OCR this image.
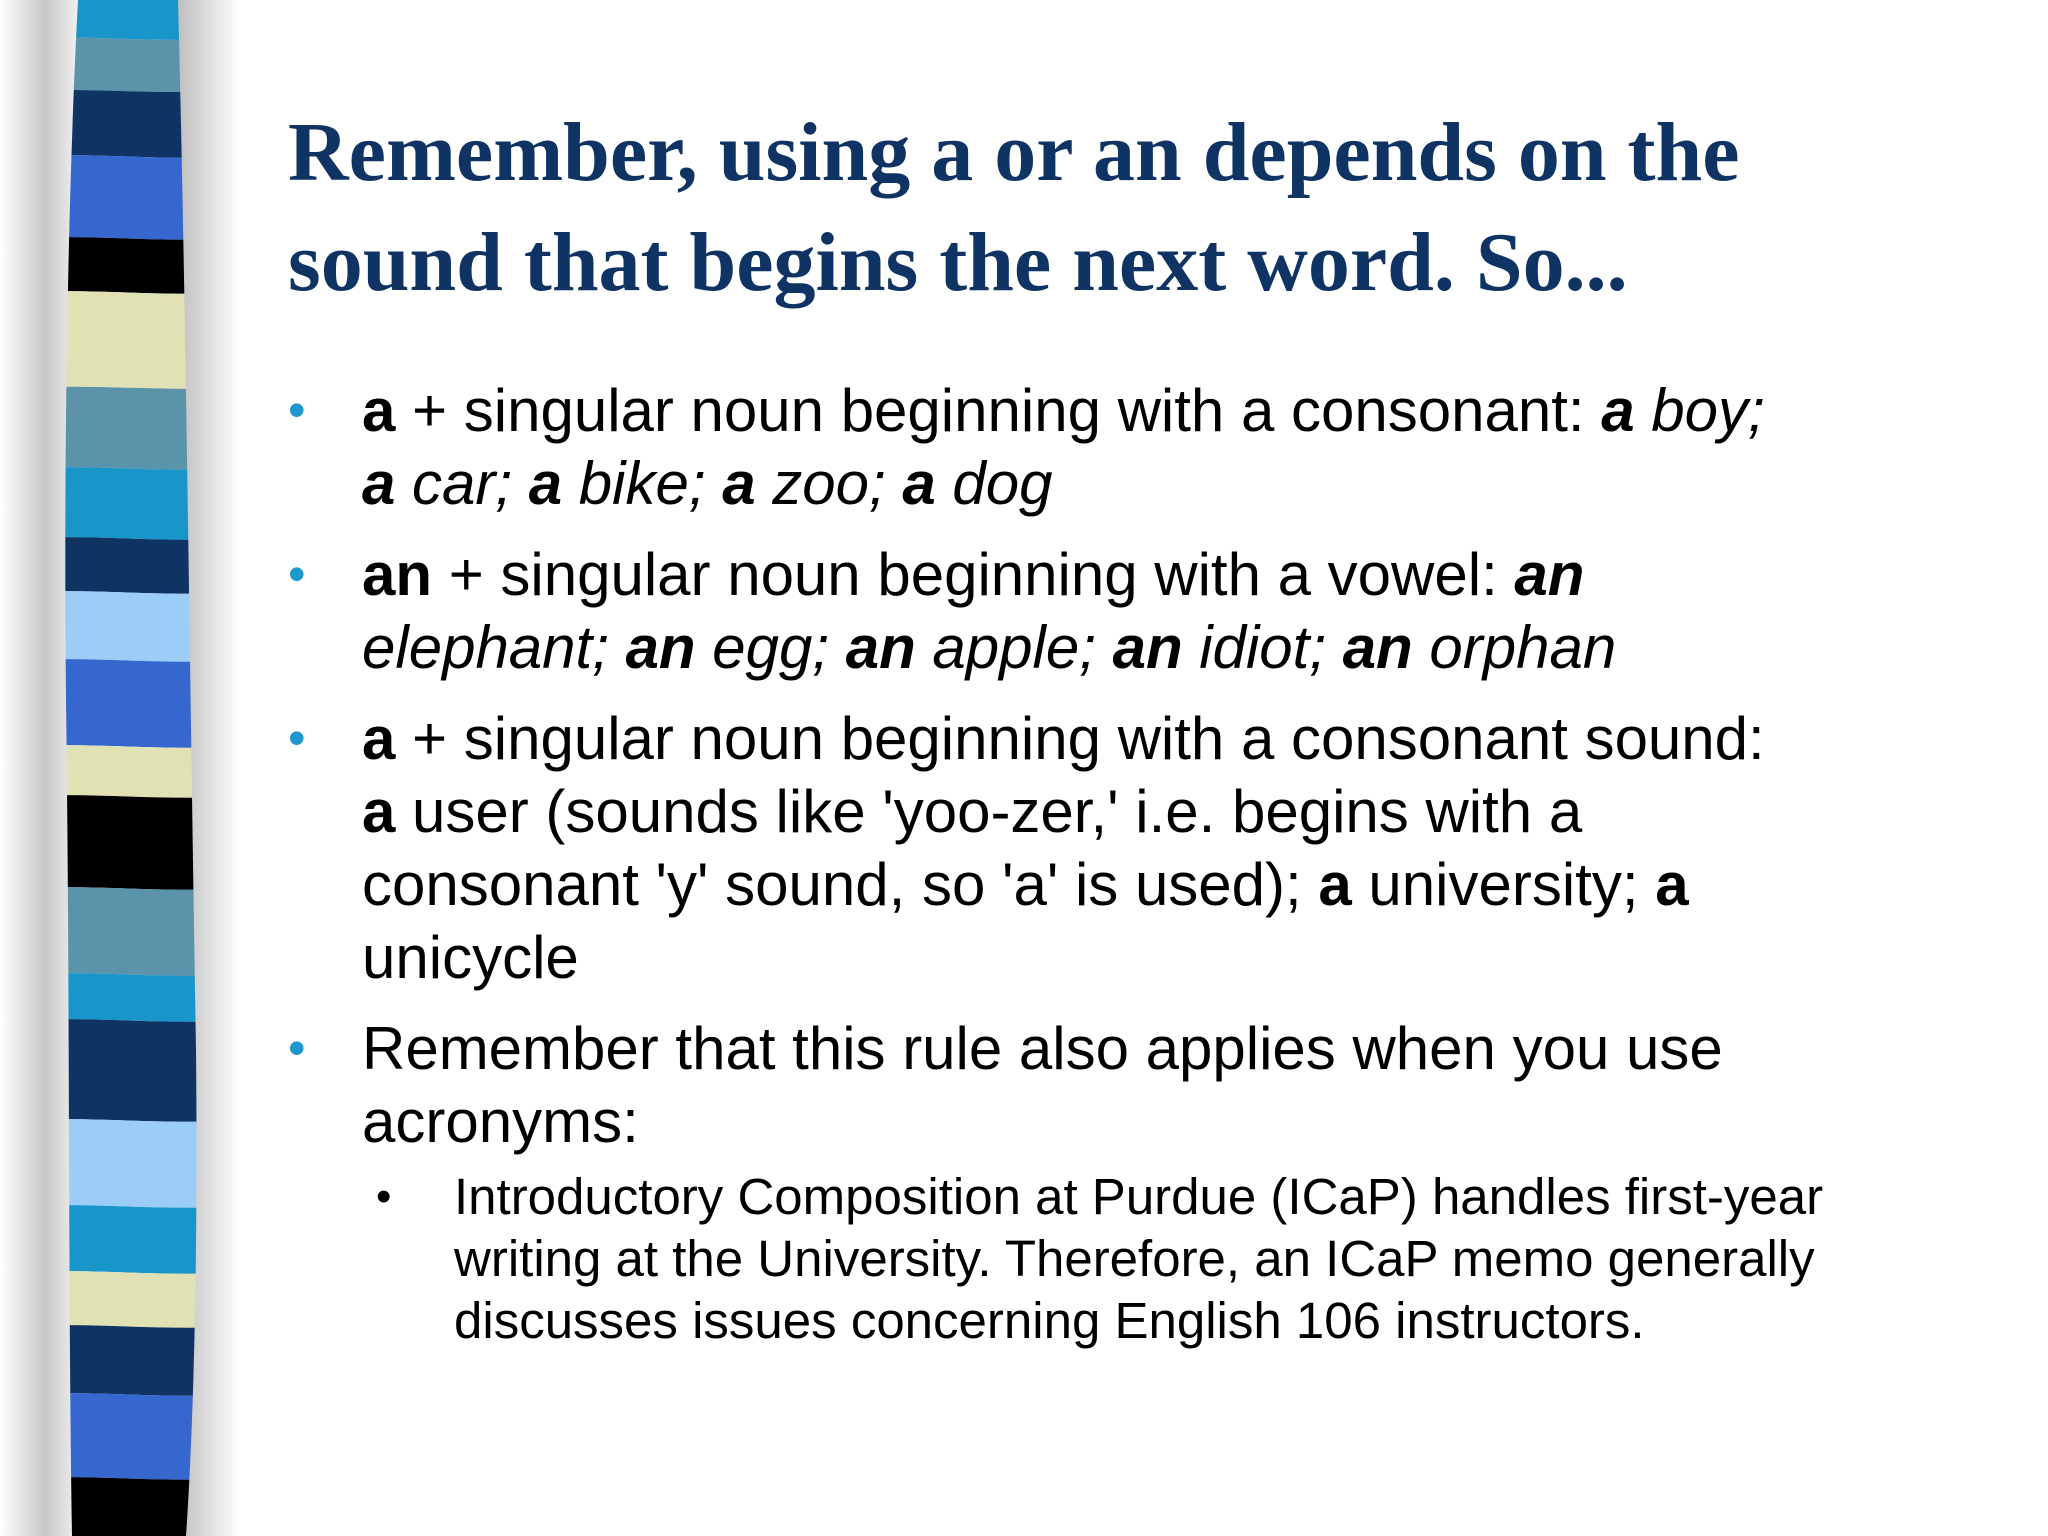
Remember, using a or an depends on the
sound that begins the next word. So...
• a + singular noun beginning with a consonant: a boy;
a car; a bike; a zoo; a dog
• an + singular noun beginning with a vowel: an
elephant; an egg; an apple; an idiot; an orphan
• a + singular noun beginning with a consonant sound:
a user (sounds like 'yoo-zer,' i.e. begins with a
consonant 'y' sound, so 'a' is used); a university; a
unicycle
• Remember that this rule also applies when you use
acronyms:
• Introductory Composition at Purdue (ICaP) handles first-year
writing at the University. Therefore, an ICaP memo generally
discusses issues concerning English 106 instructors.
